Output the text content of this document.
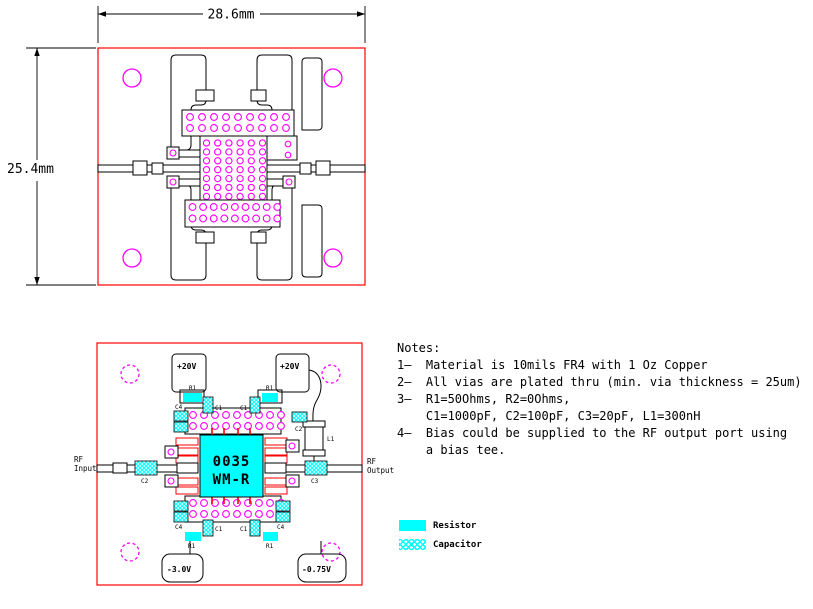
28.6mm
25.4mm
+20V	+20V
-3.0V	-0.75V
0035
WM-R
R1	R1
C1	C1
C4
C2
C2	C3
L1
C1	C1
C4	C4
R1	R1
RF
Input
RF
Output
Notes:
1—  Material is 10mils FR4 with 1 Oz Copper
2—  All vias are plated thru (min. via thickness = 25um)
3—  R1=50Ohms, R2=0Ohms,
C1=1000pF, C2=100pF, C3=20pF, L1=300nH
4—  Bias could be supplied to the RF output port using
a bias tee.
Resistor
Capacitor
